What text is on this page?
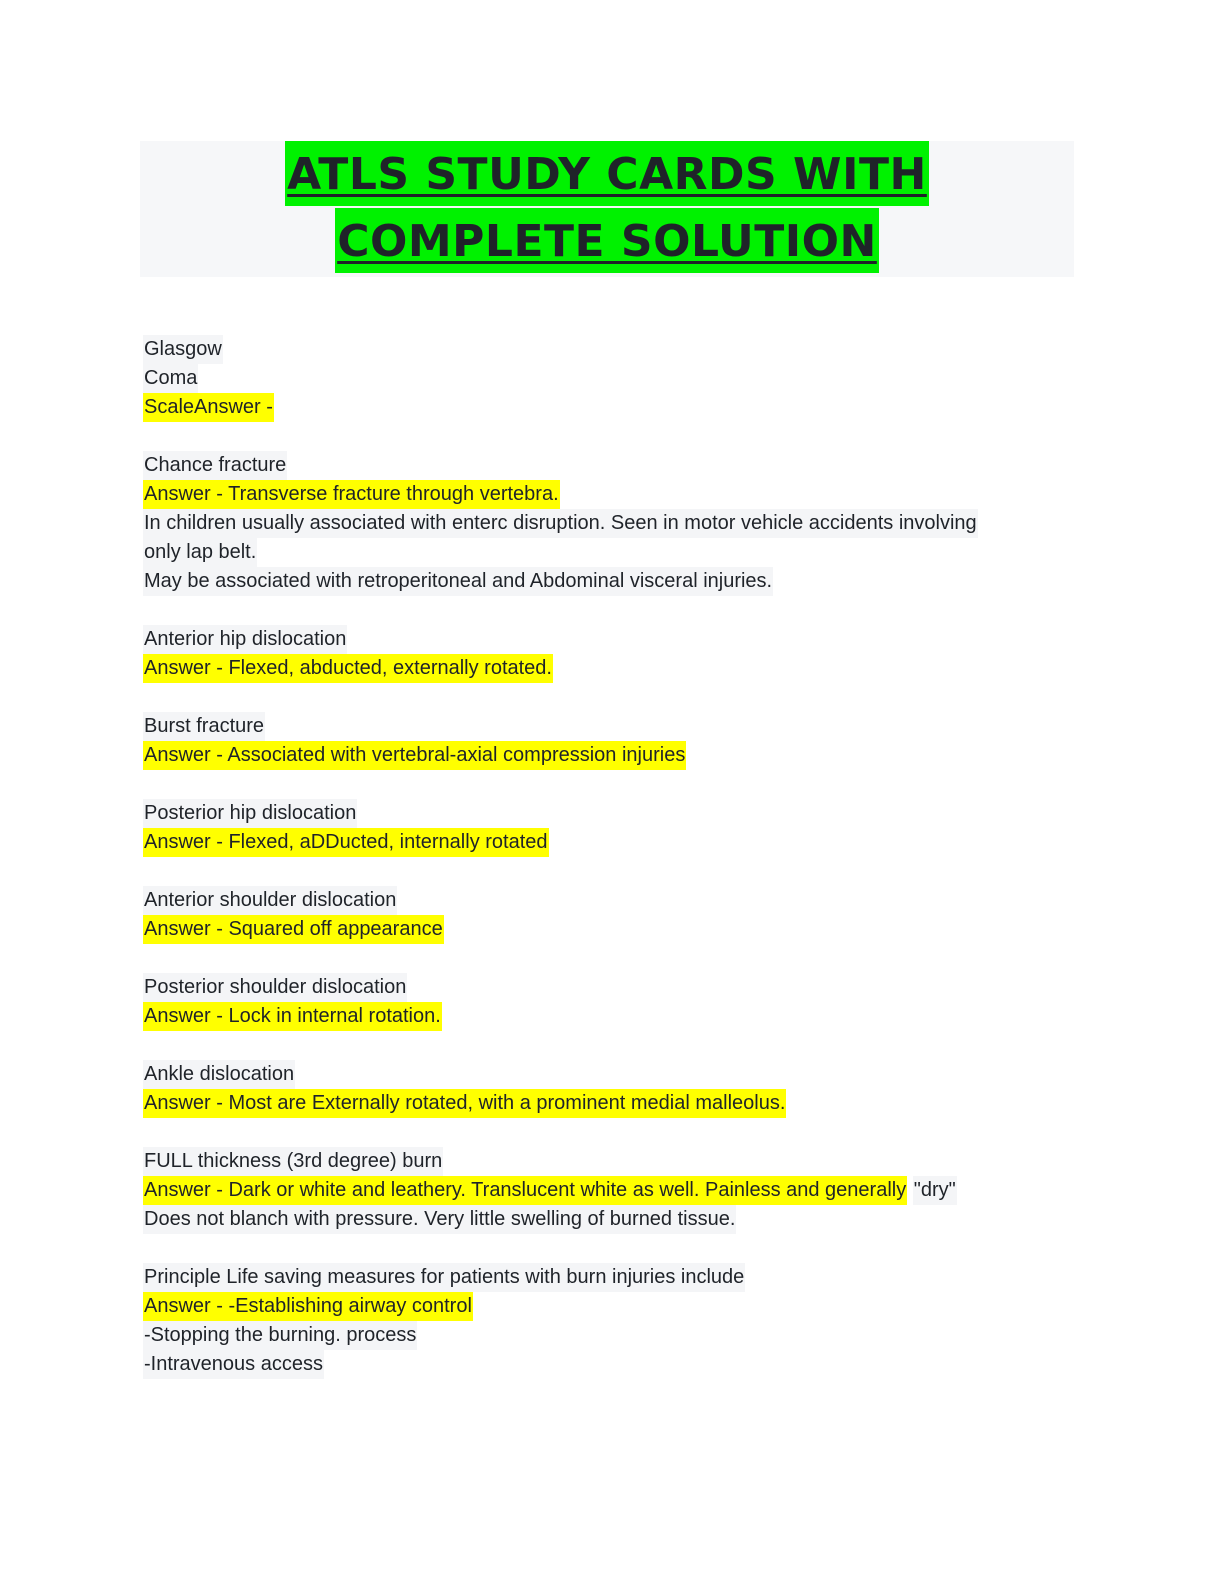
ATLS STUDY CARDS WITH
COMPLETE SOLUTION
Glasgow
Coma
ScaleAnswer -
Chance fracture
Answer - Transverse fracture through vertebra.
In children usually associated with enterc disruption. Seen in motor vehicle accidents involving
only lap belt.
May be associated with retroperitoneal and Abdominal visceral injuries.
Anterior hip dislocation
Answer - Flexed, abducted, externally rotated.
Burst fracture
Answer - Associated with vertebral-axial compression injuries
Posterior hip dislocation
Answer - Flexed, aDDucted, internally rotated
Anterior shoulder dislocation
Answer - Squared off appearance
Posterior shoulder dislocation
Answer - Lock in internal rotation.
Ankle dislocation
Answer - Most are Externally rotated, with a prominent medial malleolus.
FULL thickness (3rd degree) burn
Answer - Dark or white and leathery. Translucent white as well. Painless and generally "dry"
Does not blanch with pressure. Very little swelling of burned tissue.
Principle Life saving measures for patients with burn injuries include
Answer - -Establishing airway control
-Stopping the burning. process
-Intravenous access
